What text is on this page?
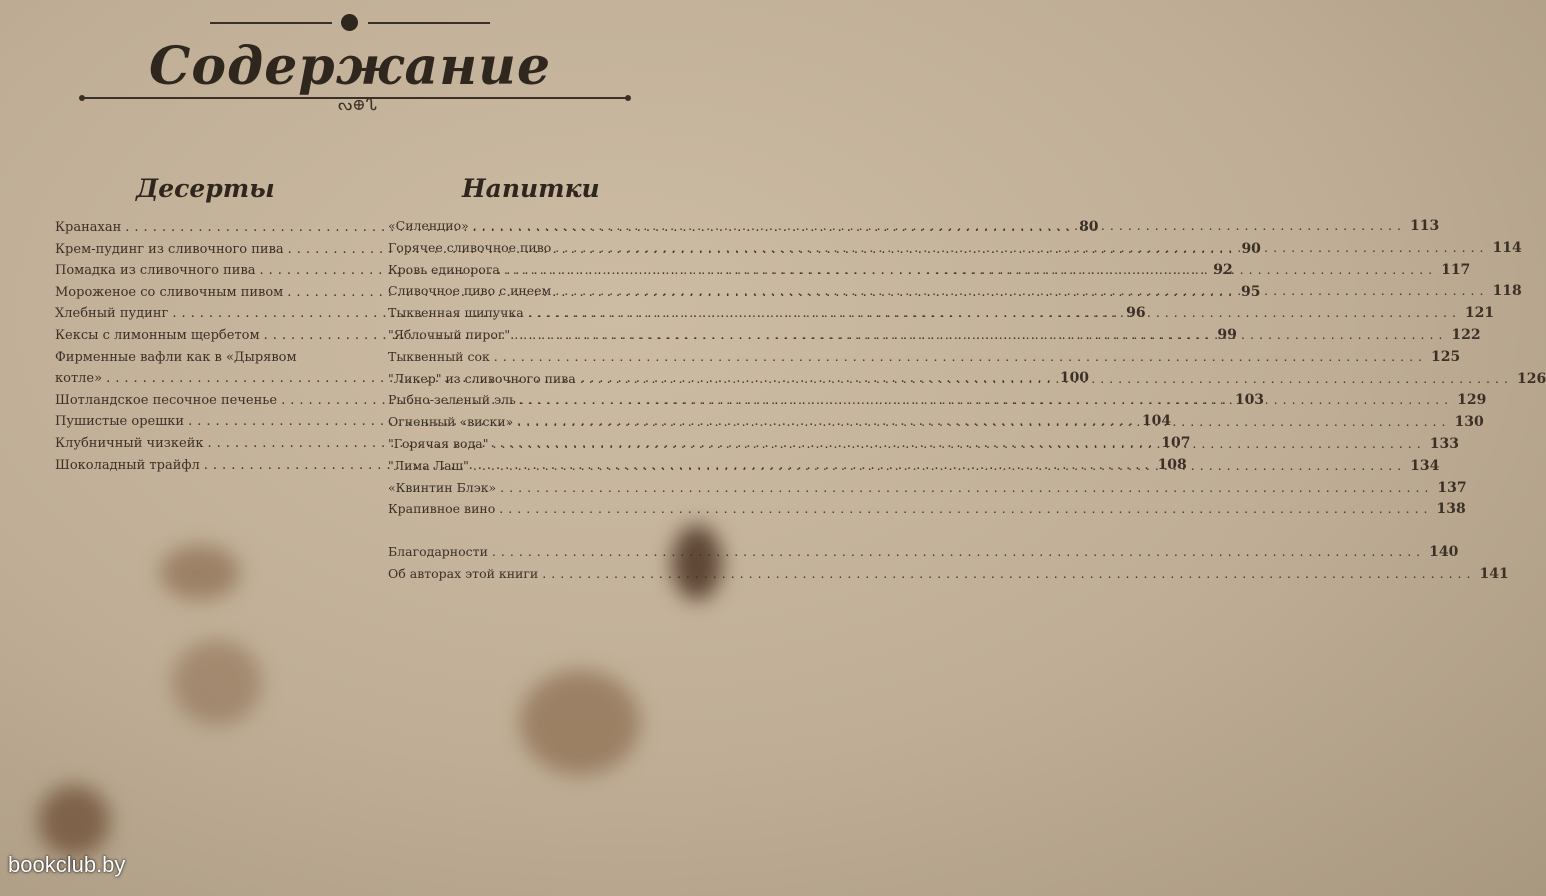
Содержание
ᔓ⊕ᔐ
Десерты	Напитки
Кранахан .....	80
Крем-пудинг из сливочного пива .....	90
Помадка из сливочного пива .....	92
Мороженое со сливочным пивом .....	95
Хлебный пудинг .....	96
Кексы с лимонным щербетом .....	99
Фирменные вафли как в «Дырявом
котле» .....	100
Шотландское песочное печенье .....	103
Пушистые орешки .....	104
Клубничный чизкейк .....	107
Шоколадный трайфл .....	108
«Силенцио» .....	113
Горячее сливочное пиво .....	114
Кровь единорога .....	117
Сливочное пиво с инеем .....	118
Тыквенная шипучка .....	121
"Яблочный пирог" .....	122
Тыквенный сок .....	125
"Ликер" из сливочного пива .....	126
Рыбно-зеленый эль .....	129
Огненный «виски» .....	130
"Горячая вода" .....	133
"Лима Лаш" .....	134
«Квинтин Блэк» .....	137
Крапивное вино .....	138
Благодарности .....	140
Об авторах этой книги .....	141
bookclub.by
